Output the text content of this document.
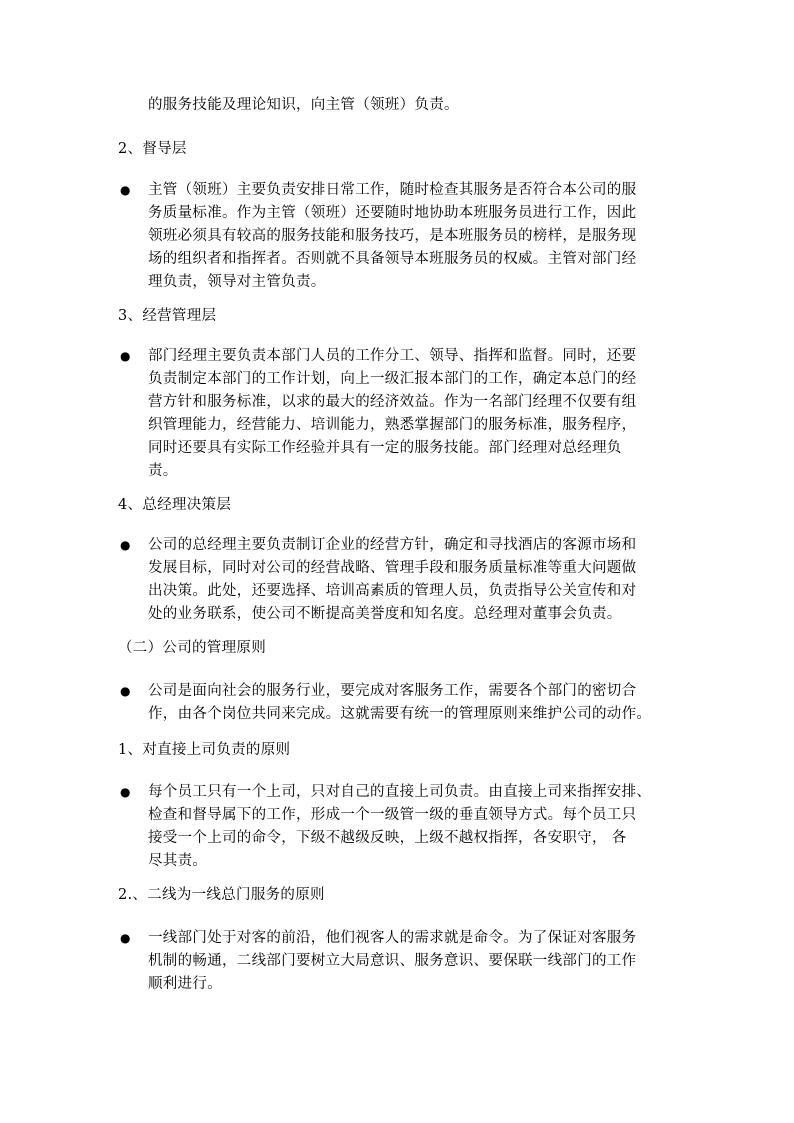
的服务技能及理论知识，向主管（领班）负责。
2、督导层
● 主管（领班）主要负责安排日常工作，随时检查其服务是否符合本公司的服
务质量标准。作为主管（领班）还要随时地协助本班服务员进行工作，因此
领班必须具有较高的服务技能和服务技巧，是本班服务员的榜样，是服务现
场的组织者和指挥者。否则就不具备领导本班服务员的权威。主管对部门经
理负责，领导对主管负责。
3、经营管理层
● 部门经理主要负责本部门人员的工作分工、领导、指挥和监督。同时，还要
负责制定本部门的工作计划，向上一级汇报本部门的工作，确定本总门的经
营方针和服务标准，以求的最大的经济效益。作为一名部门经理不仅要有组
织管理能力，经营能力、培训能力，熟悉掌握部门的服务标准，服务程序，
同时还要具有实际工作经验并具有一定的服务技能。部门经理对总经理负
责。
4、总经理决策层
● 公司的总经理主要负责制订企业的经营方针，确定和寻找酒店的客源市场和
发展目标，同时对公司的经营战略、管理手段和服务质量标准等重大问题做
出决策。此处，还要选择、培训高素质的管理人员，负责指导公关宣传和对
处的业务联系，使公司不断提高美誉度和知名度。总经理对董事会负责。
（二）公司的管理原则
● 公司是面向社会的服务行业，要完成对客服务工作，需要各个部门的密切合
作，由各个岗位共同来完成。这就需要有统一的管理原则来维护公司的动作。
1、对直接上司负责的原则
● 每个员工只有一个上司，只对自己的直接上司负责。由直接上司来指挥安排、
检查和督导属下的工作，形成一个一级管一级的垂直领导方式。每个员工只
接受一个上司的命令，下级不越级反映，上级不越权指挥，各安职守， 各
尽其责。
2.、二线为一线总门服务的原则
● 一线部门处于对客的前沿，他们视客人的需求就是命令。为了保证对客服务
机制的畅通，二线部门要树立大局意识、服务意识、要保联一线部门的工作
顺利进行。
